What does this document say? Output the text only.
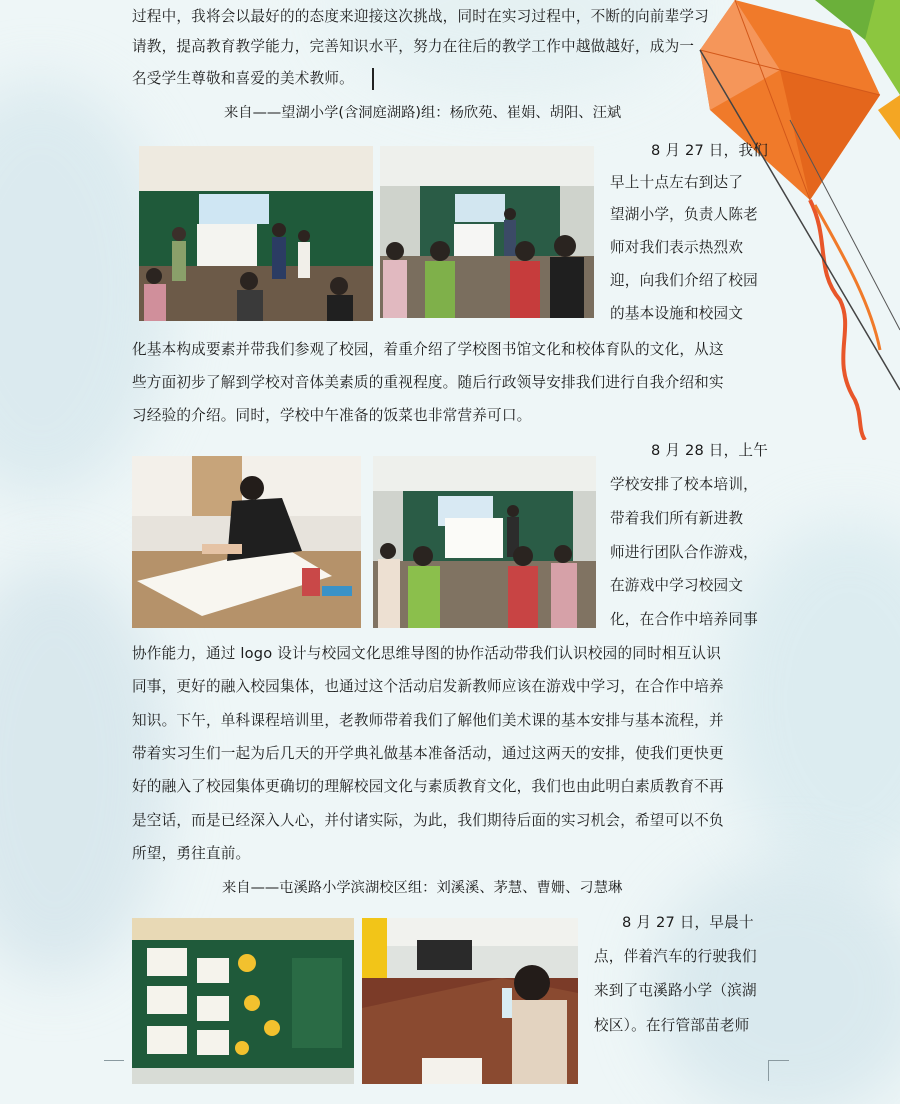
过程中，我将会以最好的的态度来迎接这次挑战，同时在实习过程中，不断的向前辈学习
请教，提高教育教学能力，完善知识水平，努力在往后的教学工作中越做越好，成为一
名受学生尊敬和喜爱的美术教师。
来自——望湖小学(含洞庭湖路)组：杨欣苑、崔娟、胡阳、汪斌
8 月 27 日，我们
早上十点左右到达了
望湖小学，负责人陈老
师对我们表示热烈欢
迎，向我们介绍了校园
的基本设施和校园文
化基本构成要素并带我们参观了校园，着重介绍了学校图书馆文化和校体育队的文化，从这
些方面初步了解到学校对音体美素质的重视程度。随后行政领导安排我们进行自我介绍和实
习经验的介绍。同时，学校中午准备的饭菜也非常营养可口。
8 月 28 日，上午
学校安排了校本培训，
带着我们所有新进教
师进行团队合作游戏，
在游戏中学习校园文
化，在合作中培养同事
协作能力，通过 logo 设计与校园文化思维导图的协作活动带我们认识校园的同时相互认识
同事，更好的融入校园集体，也通过这个活动启发新教师应该在游戏中学习，在合作中培养
知识。下午，单科课程培训里，老教师带着我们了解他们美术课的基本安排与基本流程，并
带着实习生们一起为后几天的开学典礼做基本准备活动，通过这两天的安排，使我们更快更
好的融入了校园集体更确切的理解校园文化与素质教育文化，我们也由此明白素质教育不再
是空话，而是已经深入人心，并付诸实际，为此，我们期待后面的实习机会，希望可以不负
所望，勇往直前。
来自——屯溪路小学滨湖校区组：刘溪溪、茅慧、曹姗、刁慧琳
8 月 27 日，早晨十
点，伴着汽车的行驶我们
来到了屯溪路小学（滨湖
校区）。在行管部苗老师
